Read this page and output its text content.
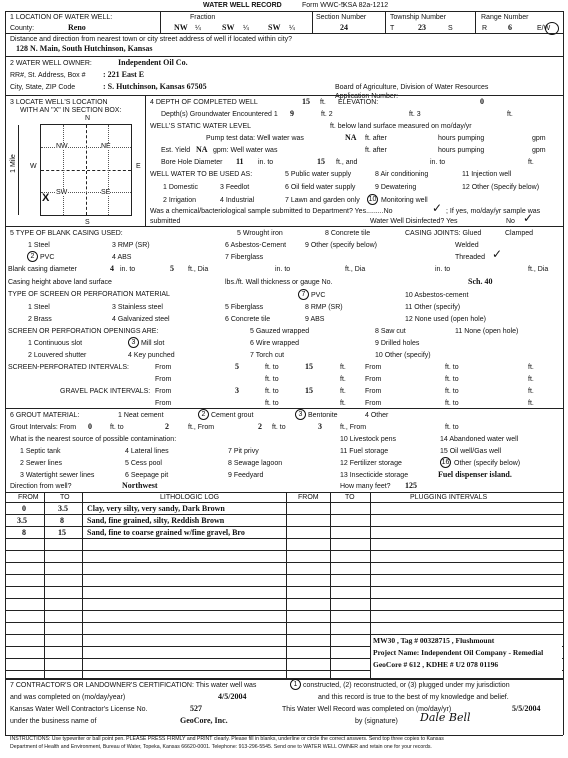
WATER WELL RECORD	Form WWC-5
KSA 82a-1212
1 LOCATION OF WATER WELL:	Fraction	Section Number	Township Number	Range Number
County:	Reno	NW ¼	SW ¼ SW ¼	24	T	23	S	R	6	E/W
Distance and direction from nearest town or city street address of well if located within city?
128 N. Main, South Hutchinson, Kansas
2 WATER WELL OWNER:	Independent Oil Co.
RR#, St. Address, Box # : 221 East E
City, State, ZIP Code	: S. Hutchinson, Kansas 67505	Board of Agriculture, Division of Water Resources
Application Number:
3 LOCATE WELL'S LOCATION
WITH AN "X" IN SECTION BOX:
N
S
W	E
1 Mile
NW	NE
SW	SE
X
4 DEPTH OF COMPLETED WELL	15 ft. ELEVATION:	0
Depth(s) Groundwater Encountered 1 9	ft. 2	ft. 3	ft.
WELL'S STATIC WATER LEVEL	ft. below land surface measured on mo/day/yr
Pump test data: Well water was	NA ft. after	hours pumping	gpm
Est. Yield NA gpm: Well water was	ft. after	hours pumping	gpm
Bore Hole Diameter 11 in. to	15 ft., and	in. to	ft.
WELL WATER TO BE USED AS:	5 Public water supply	8 Air conditioning	11 Injection well
1 Domestic	3 Feedlot	6 Oil field water supply	9 Dewatering	12 Other (Specify below)
2 Irrigation	4 Industrial	7 Lawn and garden only 10 Monitoring well
Was a chemical/bacteriological sample submitted to Department? Yes.........No	✓ ; If yes, mo/day/yr sample was
submitted	Water Well Disinfected? Yes	No ✓
5 TYPE OF BLANK CASING USED:	5 Wrought iron	8 Concrete tile	CASING JOINTS: Glued	Clamped
1 Steel	3 RMP (SR)	6 Asbestos-Cement	9 Other (specify below)	Welded
2 PVC	4 ABS	7 Fiberglass	Threaded ✓
Blank casing diameter	4 in. to	5 ft., Dia	in. to	ft., Dia	in. to	ft., Dia
Casing height above land surface	lbs./ft. Wall thickness or gauge No.	Sch. 40
TYPE OF SCREEN OR PERFORATION MATERIAL	7 PVC	10 Asbestos-cement
1 Steel	3 Stainless steel	5 Fiberglass	8 RMP (SR)	11 Other (specify)
2 Brass	4 Galvanized steel	6 Concrete tile	9 ABS	12 None used (open hole)
SCREEN OR PERFORATION OPENINGS ARE:	5 Gauzed wrapped	8 Saw cut	11 None (open hole)
1 Continuous slot	3 Mill slot	6 Wire wrapped	9 Drilled holes
2 Louvered shutter	4 Key punched	7 Torch cut	10 Other (specify)
SCREEN-PERFORATED INTERVALS:	From	5	ft. to	15	ft.	From	ft. to	ft.
From	ft. to	ft.	From	ft. to	ft.
GRAVEL PACK INTERVALS: From	3	ft. to	15	ft.	From	ft. to	ft.
From	ft. to	ft.	From	ft. to	ft.
6 GROUT MATERIAL:	1 Neat cement	2 Cement grout	3 Bentonite	4 Other
Grout Intervals: From 0	ft. to	2	ft., From	2 ft. to	3	ft., From	ft. to
What is the nearest source of possible contamination:
1 Septic tank	4 Lateral lines	7 Pit privy
10 Livestock pens	14 Abandoned water well
2 Sewer lines	5 Cess pool	8 Sewage lagoon
11 Fuel storage	15 Oil well/Gas well
3 Watertight sewer lines	6 Seepage pit	9 Feedyard
12 Fertilizer storage	16 Other (specify below)
13 Insecticide storage	Fuel dispenser island.
Direction from well?	Northwest	How many feet? 125
FROM	TO	LITHOLOGIC LOG	FROM	TO	PLUGGING INTERVALS
0	3.5 Clay, very silty, very sandy, Dark Brown
3.5	8	Sand, fine grained, silty, Reddish Brown
8	15	Sand, fine to coarse grained w/fine gravel, Bro
MW30 , Tag # 00328715 , Flushmount
Project Name: Independent Oil Company - Remedial
GeoCore # 612 , KDHE # U2 078 01196
7 CONTRACTOR'S OR LANDOWNER'S CERTIFICATION: This water well was	1 constructed, (2) reconstructed, or (3) plugged under my jurisdiction
and was completed on (mo/day/year)	4/5/2004	and this record is true to the best of my knowledge and belief.
Kansas Water Well Contractor's License No.	527	This Water Well Record was completed on (mo/day/yr)	5/5/2004
under the business name of	GeoCore, Inc.	by (signature) Dale Bell
INSTRUCTIONS: Use typewriter or ball point pen. PLEASE PRESS FIRMLY and PRINT clearly. Please fill in blanks, underline or circle the correct answers. Send top three copies to Kansas
Department of Health and Environment, Bureau of Water, Topeka, Kansas 66620-0001. Telephone: 913-296-5545. Send one to WATER WELL OWNER and retain one for your records.
